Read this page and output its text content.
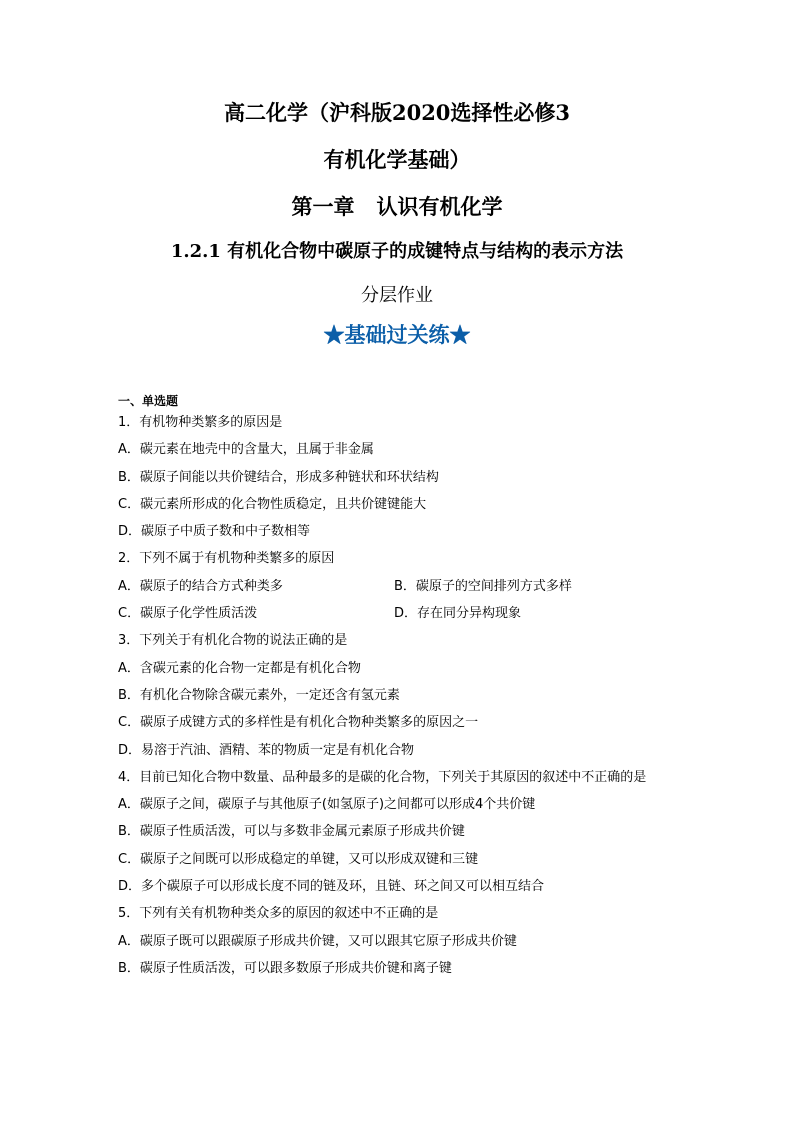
高二化学（沪科版2020选择性必修3
有机化学基础）
第一章 认识有机化学
1.2.1 有机化合物中碳原子的成键特点与结构的表示方法
分层作业
★基础过关练★
一、单选题
1．有机物种类繁多的原因是
A．碳元素在地壳中的含量大，且属于非金属
B．碳原子间能以共价键结合，形成多种链状和环状结构
C．碳元素所形成的化合物性质稳定，且共价键键能大
D．碳原子中质子数和中子数相等
2．下列不属于有机物种类繁多的原因
A．碳原子的结合方式种类多	B．碳原子的空间排列方式多样
C．碳原子化学性质活泼	D．存在同分异构现象
3．下列关于有机化合物的说法正确的是
A．含碳元素的化合物一定都是有机化合物
B．有机化合物除含碳元素外，一定还含有氢元素
C．碳原子成键方式的多样性是有机化合物种类繁多的原因之一
D．易溶于汽油、酒精、苯的物质一定是有机化合物
4．目前已知化合物中数量、品种最多的是碳的化合物，下列关于其原因的叙述中不正确的是
A．碳原子之间，碳原子与其他原子(如氢原子)之间都可以形成4个共价键
B．碳原子性质活泼，可以与多数非金属元素原子形成共价键
C．碳原子之间既可以形成稳定的单键，又可以形成双键和三键
D．多个碳原子可以形成长度不同的链及环，且链、环之间又可以相互结合
5．下列有关有机物种类众多的原因的叙述中不正确的是
A．碳原子既可以跟碳原子形成共价键，又可以跟其它原子形成共价键
B．碳原子性质活泼，可以跟多数原子形成共价键和离子键
